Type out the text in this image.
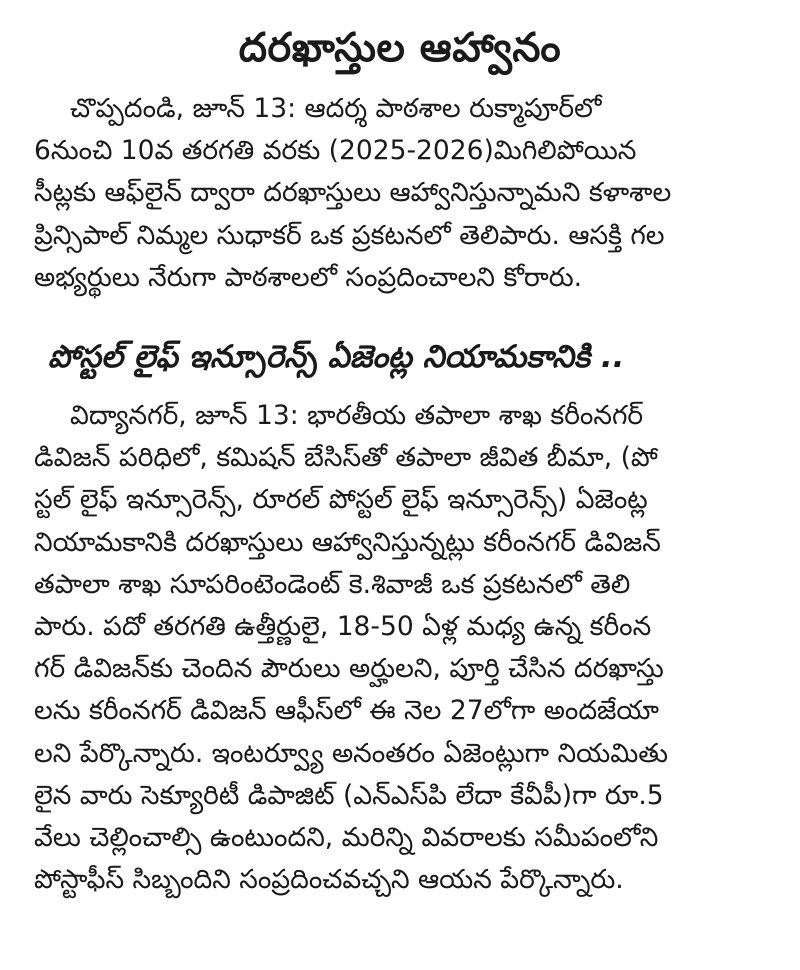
దరఖాస్తుల ఆహ్వానం
చొప్పదండి, జూన్ 13: ఆదర్శ పాఠశాల రుక్మాపూర్‌లో
6నుంచి 10వ తరగతి వరకు (2025-2026)మిగిలిపోయిన
సీట్లకు ఆఫ్‌లైన్ ద్వారా దరఖాస్తులు ఆహ్వానిస్తున్నామని కళాశాల
ప్రిన్సిపాల్ నిమ్మల సుధాకర్ ఒక ప్రకటనలో తెలిపారు. ఆసక్తి గల
అభ్యర్థులు నేరుగా పాఠశాలలో సంప్రదించాలని కోరారు.
పోస్టల్ లైఫ్ ఇన్సూరెన్స్ ఏజెంట్ల నియామకానికి ..
విద్యానగర్, జూన్ 13: భారతీయ తపాలా శాఖ కరీంనగర్
డివిజన్ పరిధిలో, కమిషన్ బేసిస్‌తో తపాలా జీవిత బీమా, (పో
స్టల్ లైఫ్ ఇన్సూరెన్స్, రూరల్ పోస్టల్ లైఫ్ ఇన్సూరెన్స్) ఏజెంట్ల
నియామకానికి దరఖాస్తులు ఆహ్వానిస్తున్నట్లు కరీంనగర్ డివిజన్
తపాలా శాఖ సూపరింటెండెంట్ కె.శివాజీ ఒక ప్రకటనలో తెలి
పారు. పదో తరగతి ఉత్తీర్ణులై, 18-50 ఏళ్ల మధ్య ఉన్న కరీంన
గర్ డివిజన్‌కు చెందిన పౌరులు అర్హులని, పూర్తి చేసిన దరఖాస్తు
లను కరీంనగర్ డివిజన్ ఆఫీస్‌లో ఈ నెల 27లోగా అందజేయా
లని పేర్కొన్నారు. ఇంటర్వ్యూ అనంతరం ఏజెంట్లుగా నియమితు
లైన వారు సెక్యూరిటీ డిపాజిట్ (ఎన్‌ఎస్‌పి లేదా కేవీపీ)గా రూ.5
వేలు చెల్లించాల్సి ఉంటుందని, మరిన్ని వివరాలకు సమీపంలోని
పోస్టాఫీస్ సిబ్బందిని సంప్రదించవచ్చని ఆయన పేర్కొన్నారు.
